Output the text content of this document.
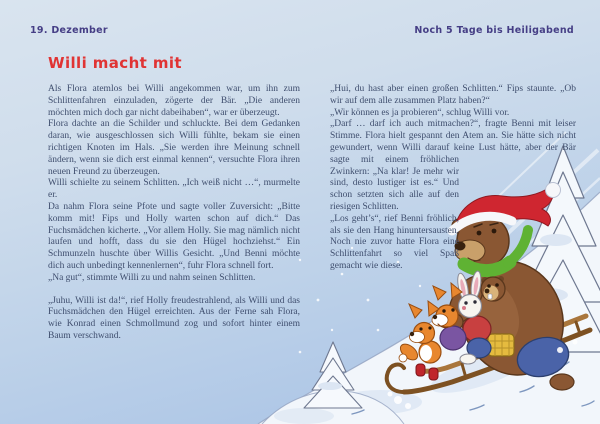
19. Dezember	Noch 5 Tage bis Heiligabend
Willi macht mit

Als Flora atemlos bei Willi angekommen war, um ihn zum Schlittenfahren einzuladen, zögerte der Bär. „Die anderen möchten mich doch gar nicht dabeihaben“, war er überzeugt.

Flora dachte an die Schilder und schluckte. Bei dem Gedanken daran, wie ausgeschlossen sich Willi fühlte, bekam sie einen richtigen Knoten im Hals. „Sie werden ihre Meinung schnell ändern, wenn sie dich erst einmal kennen“, versuchte Flora ihren neuen Freund zu überzeugen.

Willi schielte zu seinem Schlitten. „Ich weiß nicht …“, murmelte er.

Da nahm Flora seine Pfote und sagte voller Zuversicht: „Bitte komm mit! Fips und Holly warten schon auf dich.“ Das Fuchsmädchen kicherte. „Vor allem Holly. Sie mag nämlich nicht laufen und hofft, dass du sie den Hügel hochziehst.“ Ein Schmunzeln huschte über Willis Gesicht. „Und Benni möchte dich auch unbedingt kennenlernen“, fuhr Flora schnell fort.

„Na gut“, stimmte Willi zu und nahm seinen Schlitten.

„Juhu, Willi ist da!“, rief Holly freudestrahlend, als Willi und das Fuchsmädchen den Hügel erreichten. Aus der Ferne sah Flora, wie Konrad einen Schmollmund zog und sofort hinter einem Baum verschwand.

„Hui, du hast aber einen großen Schlitten.“ Fips staunte. „Ob wir auf dem alle zusammen Platz haben?“

„Wir können es ja probieren“, schlug Willi vor.

„Darf … darf ich auch mitmachen?“, fragte Benni mit leiser Stimme. Flora hielt gespannt den Atem an. Sie hätte sich nicht gewundert, wenn Willi darauf keine Lust hätte, aber der Bär sagte mit einem fröhlichen Zwinkern: „Na klar! Je mehr wir sind, desto lustiger ist es.“ Und schon setzten sich alle auf den riesigen Schlitten.

„Los geht’s“, rief Benni fröhlich, als sie den Hang hinuntersausten. Noch nie zuvor hatte Flora eine Schlittenfahrt so viel Spaß gemacht wie diese.
